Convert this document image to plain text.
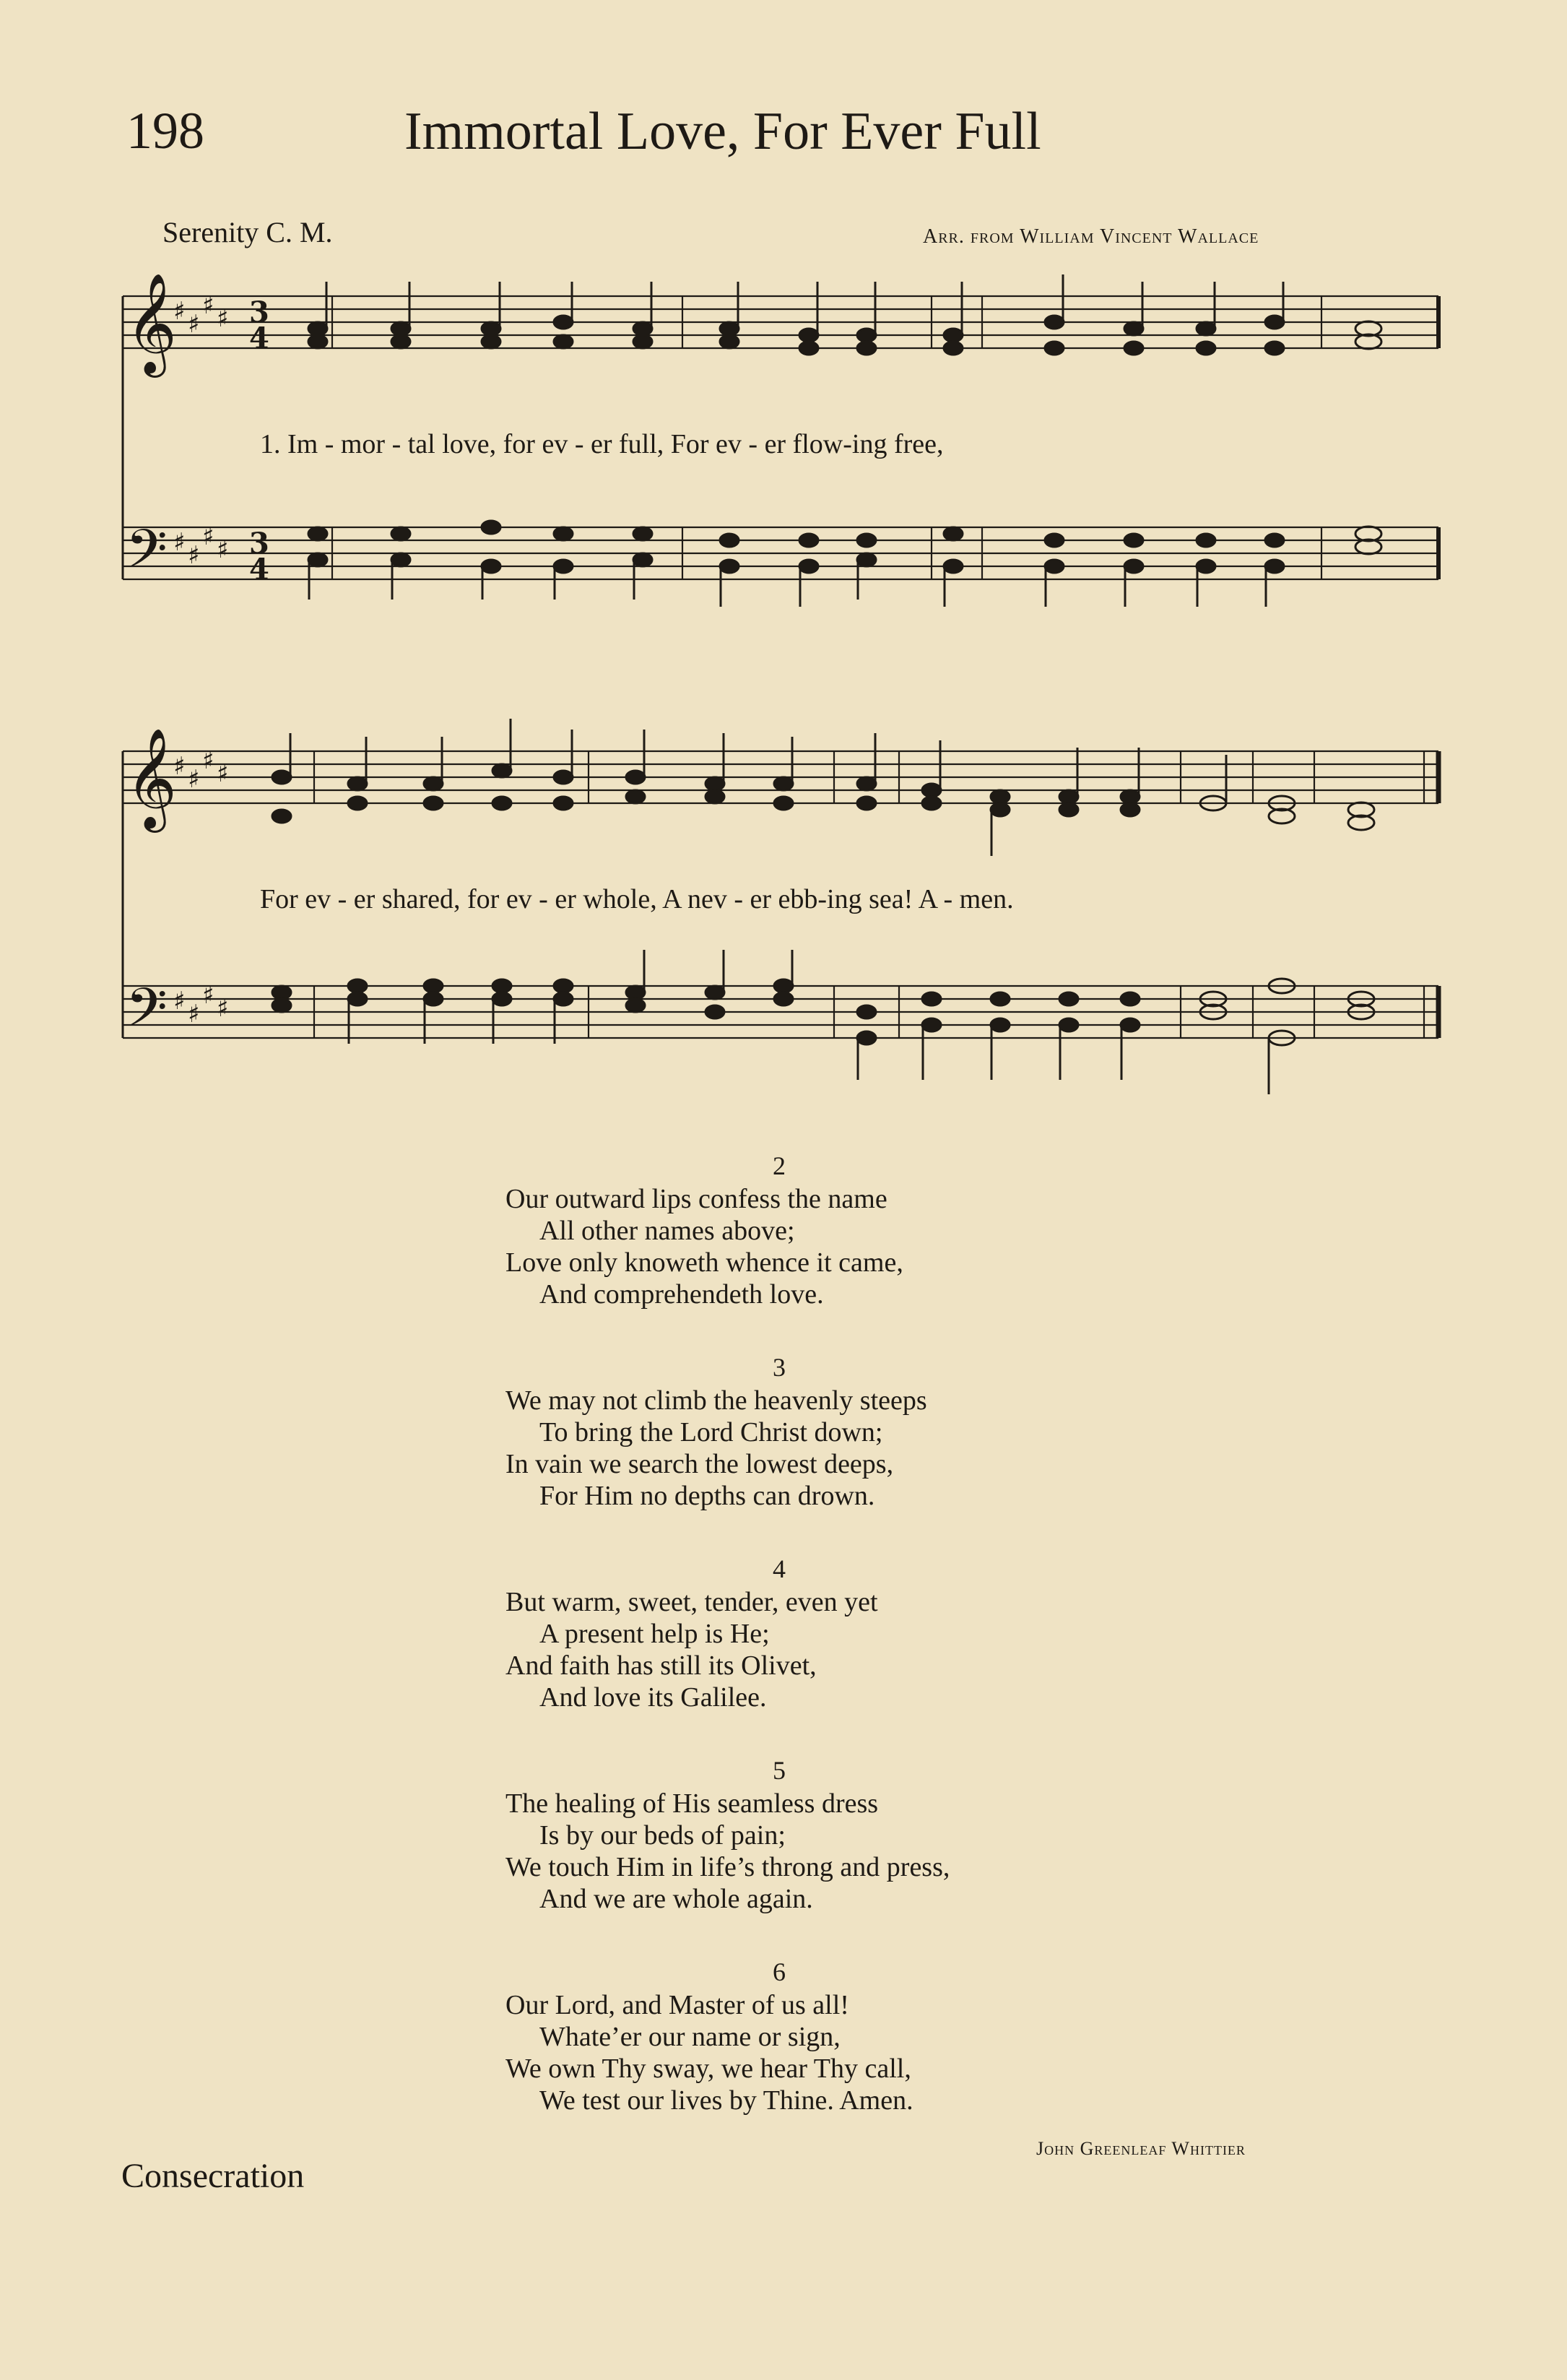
198	Immortal Love, For Ever Full
Serenity C. M.	Arr. from William Vincent Wallace
𝄞
𝄢
♯ ♯
♯ ♯
♯ ♯
♯ ♯
3
4
3
4
1. Im - mor - tal love, for ev - er full, For ev - er flow-ing free,
𝄞
𝄢
♯ ♯
♯ ♯
♯ ♯
♯ ♯
For ev - er shared, for ev - er whole, A nev - er ebb-ing sea! A - men.
2
Our outward lips confess the name
All other names above;
Love only knoweth whence it came,
And comprehendeth love.
3
We may not climb the heavenly steeps
To bring the Lord Christ down;
In vain we search the lowest deeps,
For Him no depths can drown.
4
But warm, sweet, tender, even yet
A present help is He;
And faith has still its Olivet,
And love its Galilee.
5
The healing of His seamless dress
Is by our beds of pain;
We touch Him in life’s throng and press,
And we are whole again.
6
Our Lord, and Master of us all!
Whate’er our name or sign,
We own Thy sway, we hear Thy call,
We test our lives by Thine. Amen.
John Greenleaf Whittier
Consecration
